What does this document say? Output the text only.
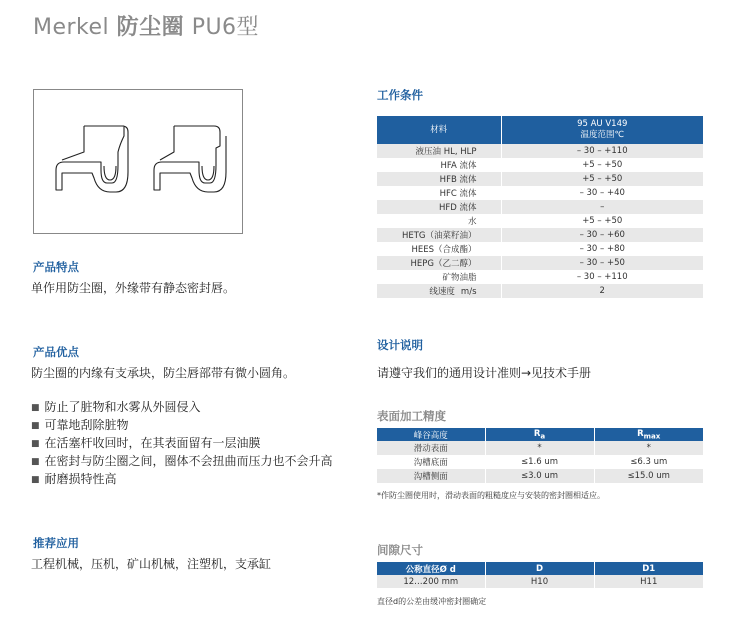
Merkel 防尘圈 PU6型
产品特点
单作用防尘圈，外缘带有静态密封唇。
产品优点
防尘圈的内缘有支承块，防尘唇部带有微小圆角。
■ 防止了脏物和水雾从外圆侵入
■ 可靠地刮除脏物
■ 在活塞杆收回时，在其表面留有一层油膜
■ 在密封与防尘圈之间，圈体不会扭曲而压力也不会升高
■ 耐磨损特性高
推荐应用
工程机械，压机，矿山机械，注塑机，支承缸
工作条件
材料	95 AU V149
温度范围℃

液压油 HL, HLP	– 30 – +110
HFA 流体	+5 – +50
HFB 流体	+5 – +50
HFC 流体	– 30 – +40
HFD 流体	–
水	+5 – +50
HETG（油菜籽油）	– 30 – +60
HEES（合成酯）	– 30 – +80
HEPG（乙二醇）	– 30 – +50
矿物油脂	– 30 – +110
线速度 m/s	2
设计说明
请遵守我们的通用设计准则→见技术手册
表面加工精度
峰谷高度	$R_a$	$R_{max}$
滑动表面	*	*
沟槽底面	≤1.6 um	≤6.3 um
沟槽侧面	≤3.0 um	≤15.0 um
*作防尘圈使用时，滑动表面的粗糙度应与安装的密封圈相适应。
间隙尺寸
公称直径Ø d	D	D1
12…200 mm	H10	H11
直径d的公差由缓冲密封圈确定
